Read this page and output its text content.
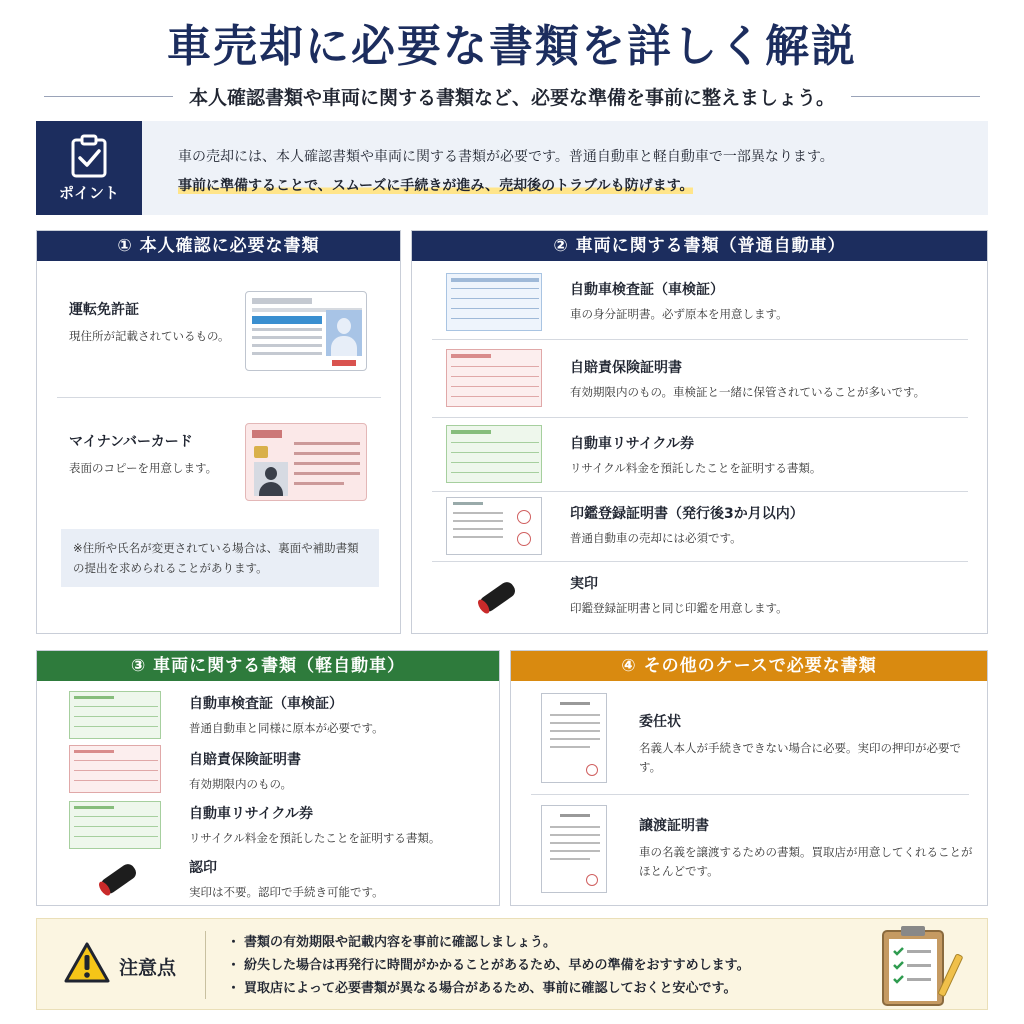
車売却に必要な書類を詳しく解説
本人確認書類や車両に関する書類など、必要な準備を事前に整えましょう。
ポイント
車の売却には、本人確認書類や車両に関する書類が必要です。普通自動車と軽自動車で一部異なります。
事前に準備することで、スムーズに手続きが進み、売却後のトラブルも防げます。
① 本人確認に必要な書類
運転免許証
現住所が記載されているもの。
マイナンバーカード
表面のコピーを用意します。
※住所や氏名が変更されている場合は、裏面や補助書類の提出を求められることがあります。
② 車両に関する書類（普通自動車）
自動車検査証（車検証）
車の身分証明書。必ず原本を用意します。
自賠責保険証明書
有効期限内のもの。車検証と一緒に保管されていることが多いです。
自動車リサイクル券
リサイクル料金を預託したことを証明する書類。
印鑑登録証明書（発行後3か月以内）
普通自動車の売却には必須です。
実印
印鑑登録証明書と同じ印鑑を用意します。
③ 車両に関する書類（軽自動車）
自動車検査証（車検証）
普通自動車と同様に原本が必要です。
自賠責保険証明書
有効期限内のもの。
自動車リサイクル券
リサイクル料金を預託したことを証明する書類。
認印
実印は不要。認印で手続き可能です。
④ その他のケースで必要な書類
委任状
名義人本人が手続きできない場合に必要。実印の押印が必要です。
譲渡証明書
車の名義を譲渡するための書類。買取店が用意してくれることがほとんどです。
注意点
・ 書類の有効期限や記載内容を事前に確認しましょう。
・ 紛失した場合は再発行に時間がかかることがあるため、早めの準備をおすすめします。
・ 買取店によって必要書類が異なる場合があるため、事前に確認しておくと安心です。
